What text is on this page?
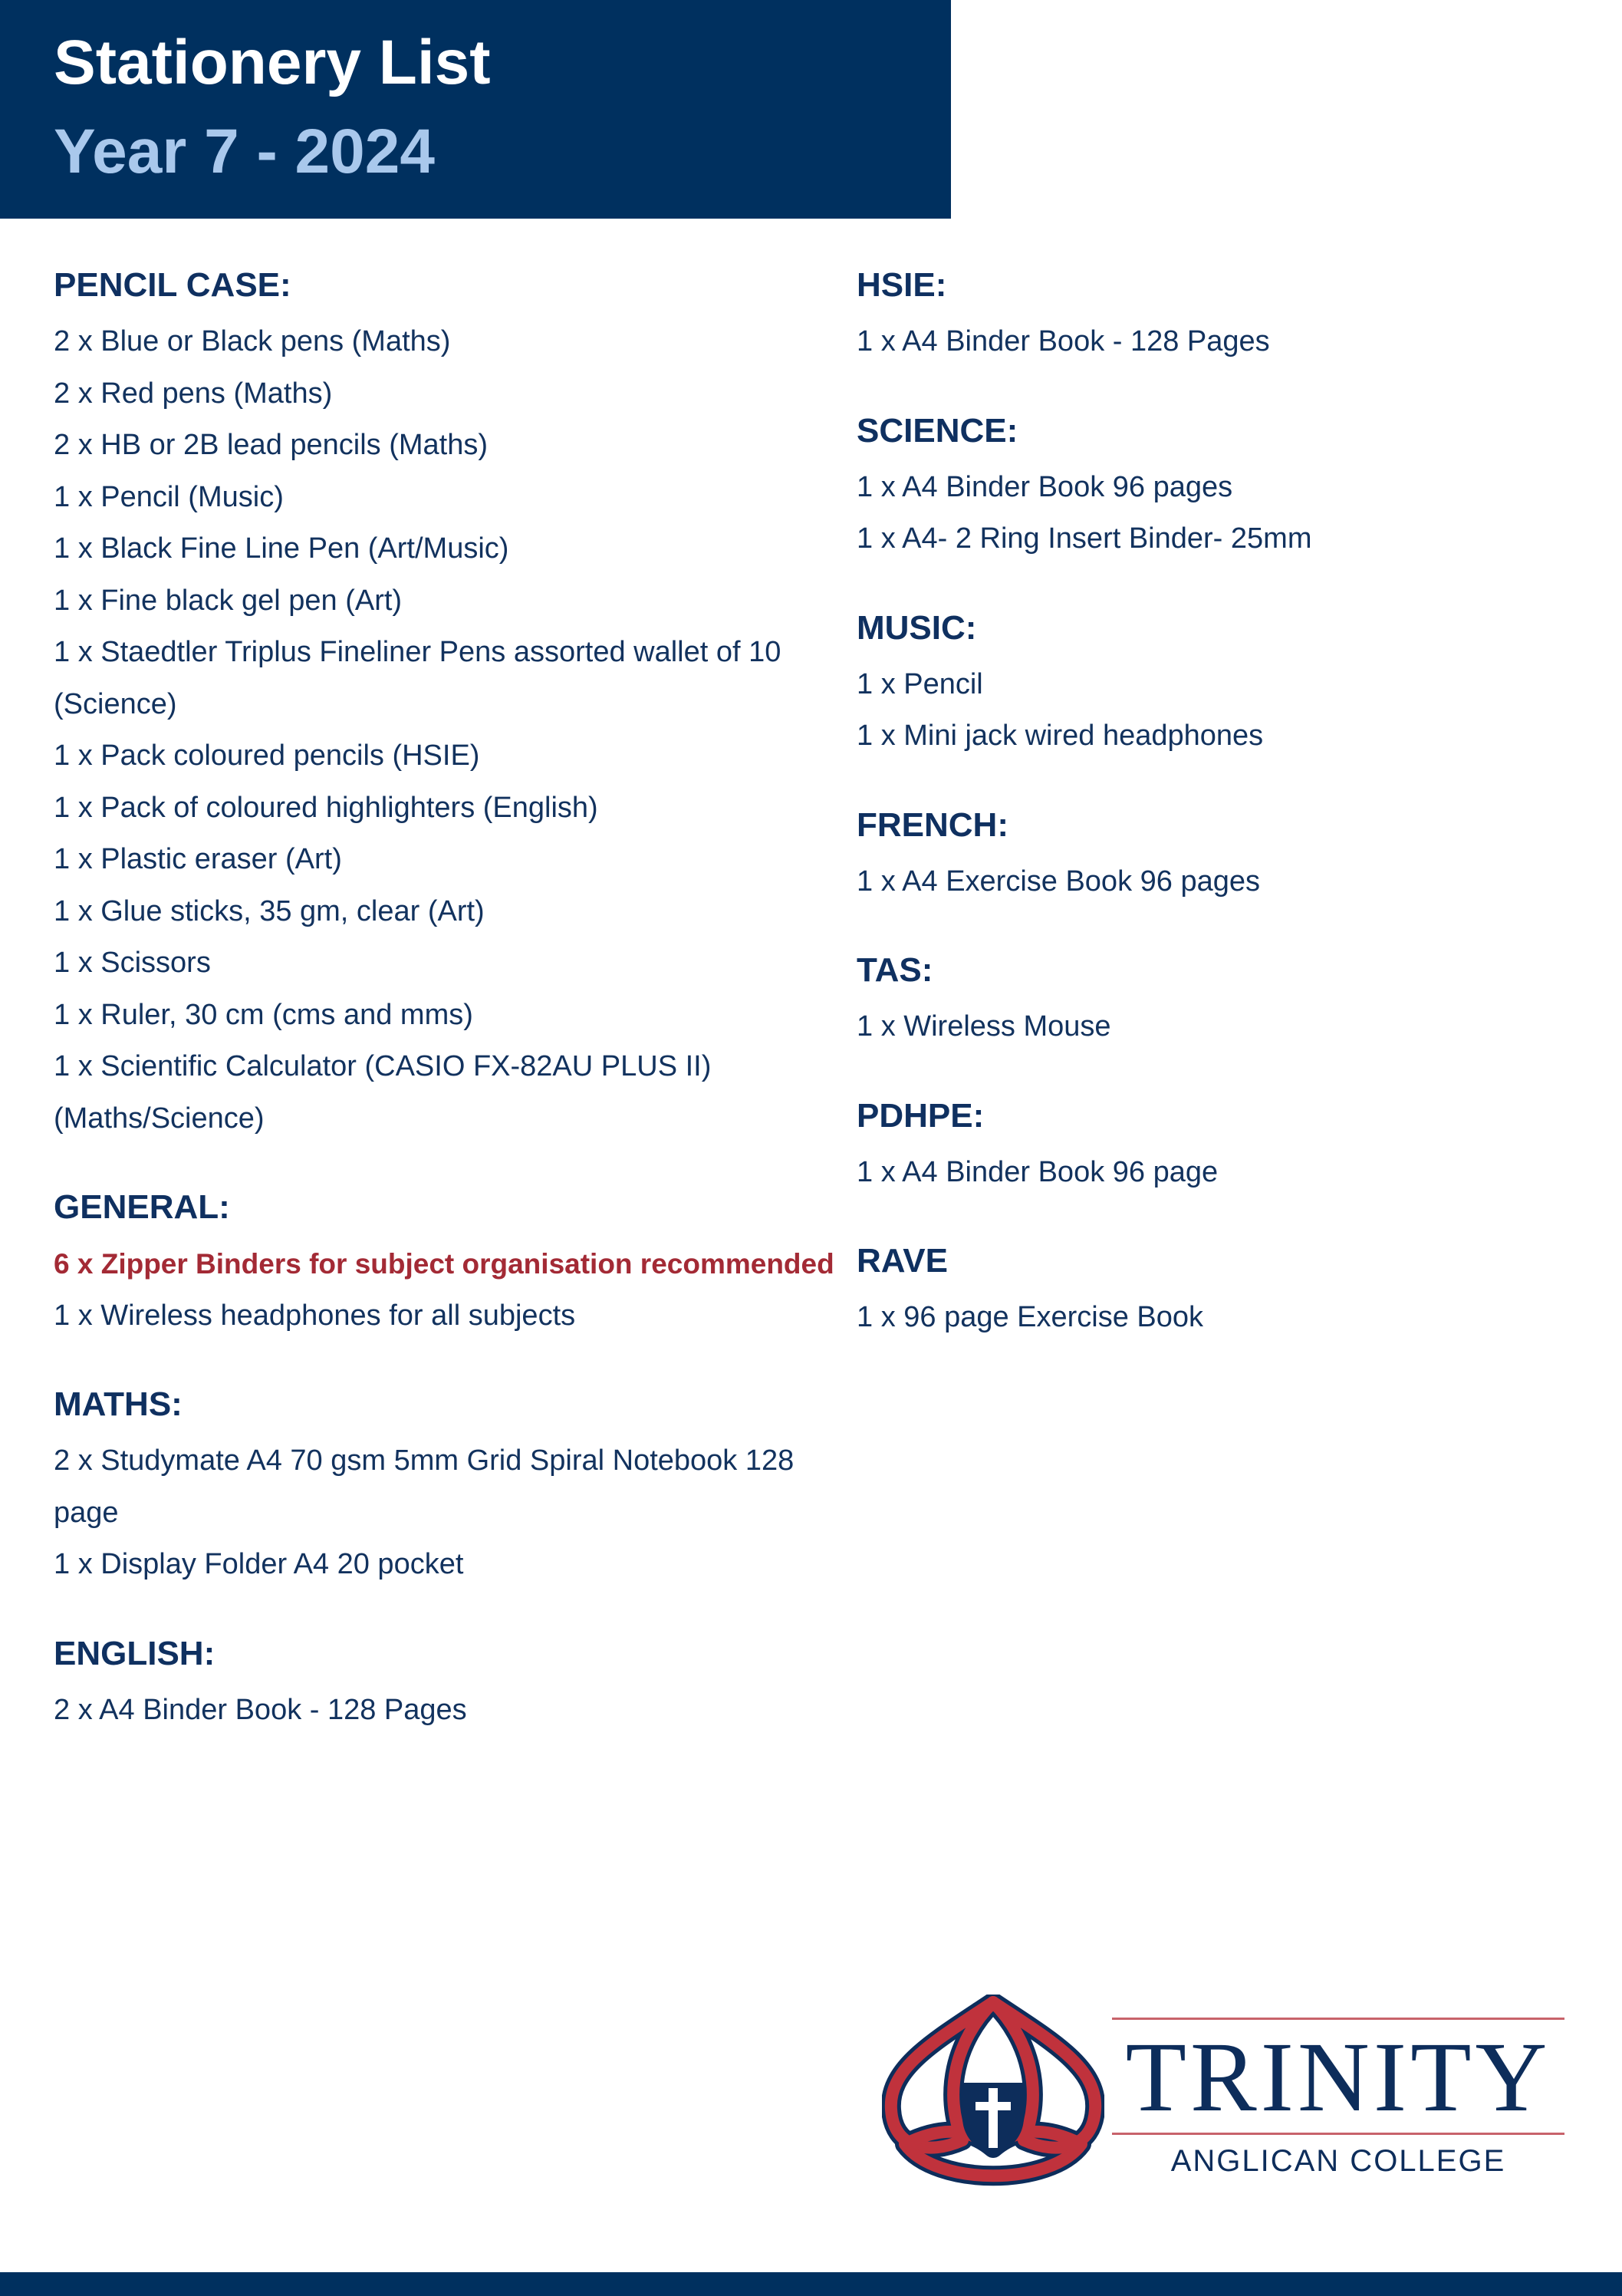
Stationery List
Year 7 - 2024
PENCIL CASE:
2 x Blue or Black pens (Maths)
2 x Red pens (Maths)
2 x HB or 2B lead pencils (Maths)
1 x Pencil (Music)
1 x Black Fine Line Pen (Art/Music)
1 x Fine black gel pen (Art)
1 x Staedtler Triplus Fineliner Pens assorted wallet of 10 (Science)
1 x Pack coloured pencils (HSIE)
1 x Pack of coloured highlighters (English)
1 x Plastic eraser (Art)
1 x Glue sticks, 35 gm, clear (Art)
1 x Scissors
1 x Ruler, 30 cm (cms and mms)
1 x Scientific Calculator (CASIO FX-82AU PLUS II) (Maths/Science)
GENERAL:
6 x Zipper Binders for subject organisation recommended
1 x Wireless headphones for all subjects
MATHS:
2 x Studymate A4 70 gsm 5mm Grid Spiral Notebook 128 page
1 x Display Folder A4 20 pocket
ENGLISH:
2 x A4 Binder Book - 128 Pages
HSIE:
1 x A4 Binder Book - 128 Pages
SCIENCE:
1 x A4 Binder Book 96 pages
1 x A4- 2 Ring Insert Binder- 25mm
MUSIC:
1 x Pencil
1 x Mini jack wired headphones
FRENCH:
1 x A4 Exercise Book 96 pages
TAS:
1 x Wireless Mouse
PDHPE:
1 x A4 Binder Book 96 page
RAVE
1 x 96 page Exercise Book
TRINITY
ANGLICAN COLLEGE
